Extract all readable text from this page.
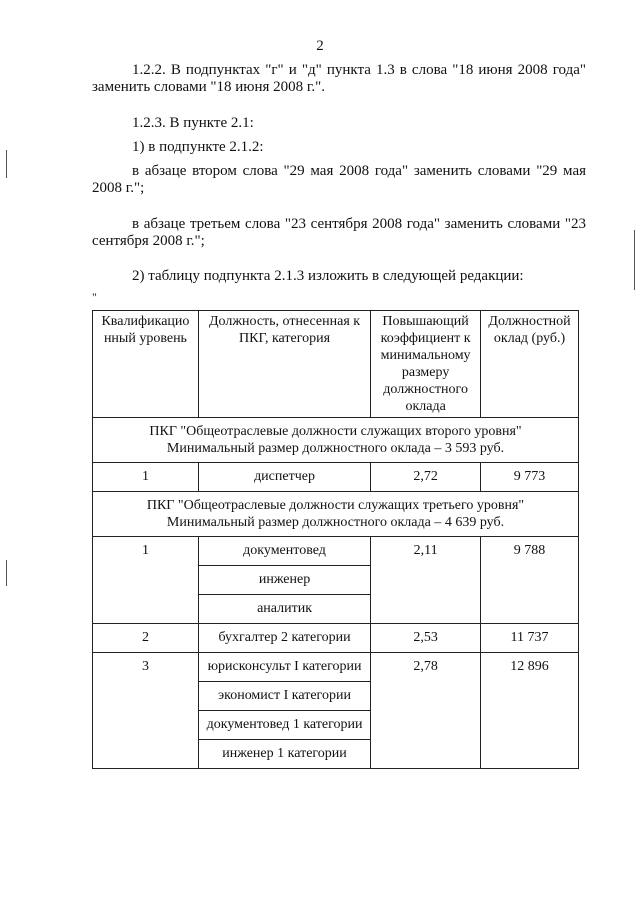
2
1.2.2. В подпунктах "г" и "д" пункта 1.3 в слова "18 июня 2008 года" заменить словами "18 июня 2008 г.".
1.2.3. В пункте 2.1:
1) в подпункте 2.1.2:
в абзаце втором слова "29 мая 2008 года" заменить словами "29 мая 2008 г.";
в абзаце третьем слова "23 сентября 2008 года" заменить словами "23 сентября 2008 г.";
2) таблицу подпункта 2.1.3 изложить в следующей редакции:
"
Квалификацио нный уровень	Должность, отнесенная к ПКГ, категория	Повышающий коэффициент к минимальному размеру должностного оклада	Должностной оклад (руб.)

ПКГ "Общеотраслевые должности служащих второго уровня"
Минимальный размер должностного оклада – 3 593 руб.			

1	диспетчер	2,72	9 773

ПКГ "Общеотраслевые должности служащих третьего уровня"
Минимальный размер должностного оклада – 4 639 руб.			

1	документовед	2,11	9 788
	инженер		
	аналитик		
2	бухгалтер 2 категории	2,53	11 737
3	юрисконсульт I категории	2,78	12 896
	экономист I категории		
	документовед 1 категории		
	инженер 1 категории		
